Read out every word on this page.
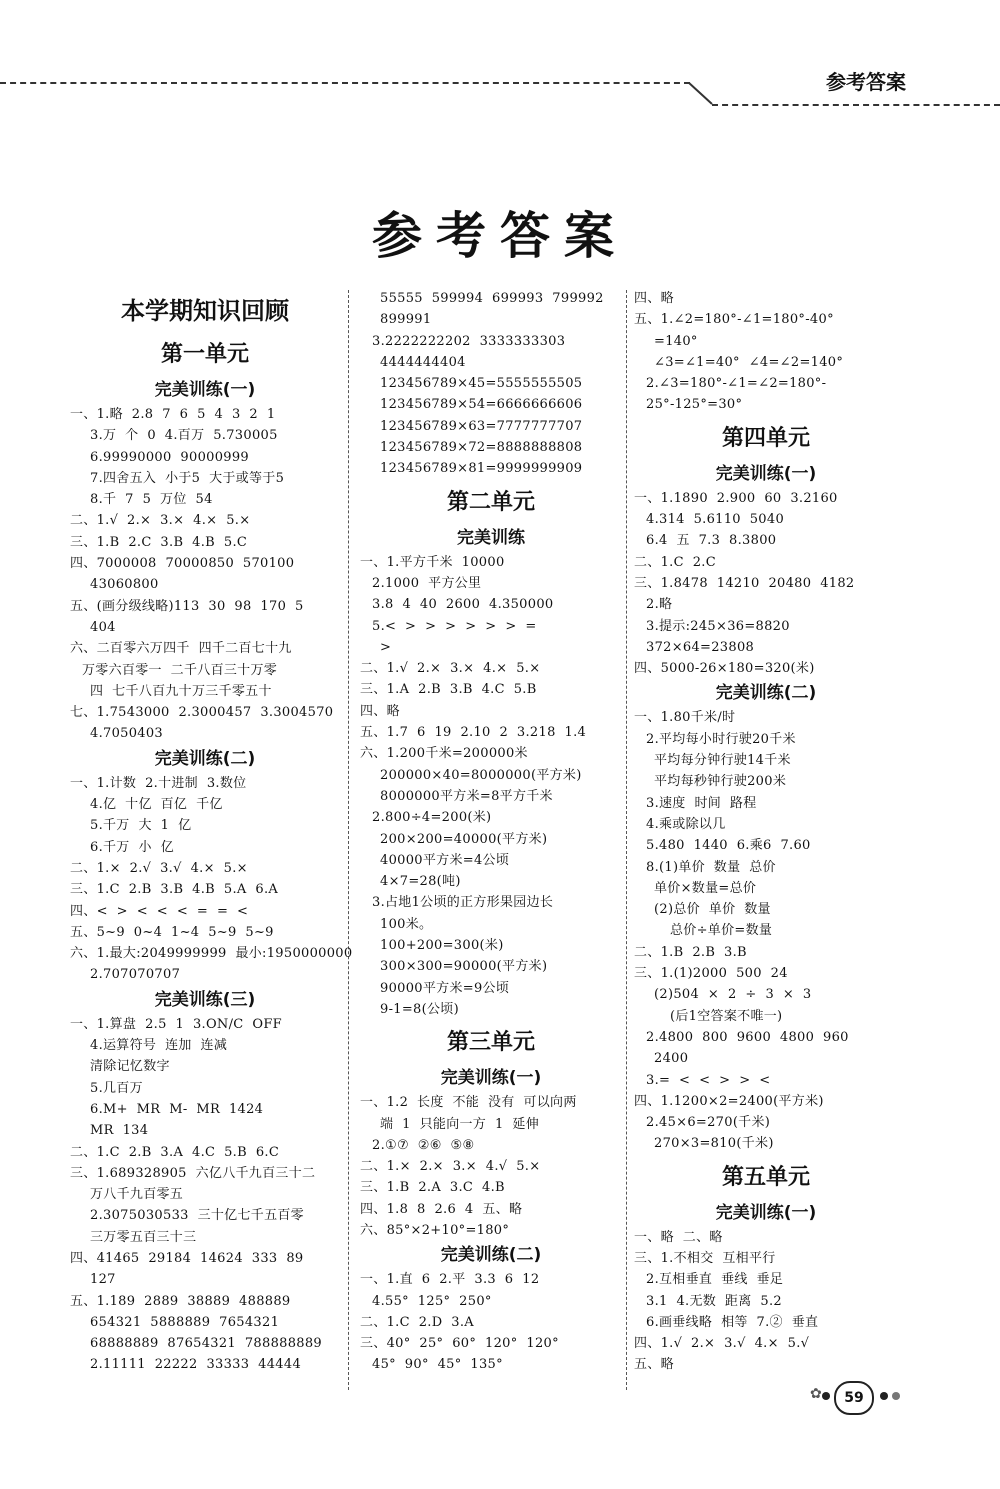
参考答案
参考答案
本学期知识回顾
第一单元
完美训练(一)
一、1.略  2.8  7  6  5  4  3  2  1
3.万  个  0  4.百万  5.730005
6.99990000  90000999
7.四舍五入  小于5  大于或等于5
8.千  7  5  万位  54
二、1.√  2.×  3.×  4.×  5.×
三、1.B  2.C  3.B  4.B  5.C
四、7000008  70000850  570100
43060800
五、(画分级线略)113  30  98  170  5
404
六、二百零六万四千  四千二百七十九
万零六百零一  二千八百三十万零
四  七千八百九十万三千零五十
七、1.7543000  2.3000457  3.3004570
4.7050403
完美训练(二)
一、1.计数  2.十进制  3.数位
4.亿  十亿  百亿  千亿
5.千万  大  1  亿
6.千万  小  亿
二、1.×  2.√  3.√  4.×  5.×
三、1.C  2.B  3.B  4.B  5.A  6.A
四、<  >  <  <  <  =  =  <
五、5~9  0~4  1~4  5~9  5~9
六、1.最大:2049999999  最小:1950000000
2.707070707
完美训练(三)
一、1.算盘  2.5  1  3.ON/C  OFF
4.运算符号  连加  连减
清除记忆数字
5.几百万
6.M+  MR  M-  MR  1424
MR  134
二、1.C  2.B  3.A  4.C  5.B  6.C
三、1.689328905  六亿八千九百三十二
万八千九百零五
2.3075030533  三十亿七千五百零
三万零五百三十三
四、41465  29184  14624  333  89
127
五、1.189  2889  38889  488889
654321  5888889  7654321
68888889  87654321  788888889
2.11111  22222  33333  44444
55555  599994  699993  799992
899991
3.2222222202  3333333303
4444444404
123456789×45=5555555505
123456789×54=6666666606
123456789×63=7777777707
123456789×72=8888888808
123456789×81=9999999909
第二单元
完美训练
一、1.平方千米  10000
2.1000  平方公里
3.8  4  40  2600  4.350000
5.<  >  >  >  >  >  >  =
>
二、1.√  2.×  3.×  4.×  5.×
三、1.A  2.B  3.B  4.C  5.B
四、略
五、1.7  6  19  2.10  2  3.218  1.4
六、1.200千米=200000米
200000×40=8000000(平方米)
8000000平方米=8平方千米
2.800÷4=200(米)
200×200=40000(平方米)
40000平方米=4公顷
4×7=28(吨)
3.占地1公顷的正方形果园边长
100米。
100+200=300(米)
300×300=90000(平方米)
90000平方米=9公顷
9-1=8(公顷)
第三单元
完美训练(一)
一、1.2  长度  不能  没有  可以向两
端  1  只能向一方  1  延伸
2.①⑦  ②⑥  ⑤⑧
二、1.×  2.×  3.×  4.√  5.×
三、1.B  2.A  3.C  4.B
四、1.8  8  2.6  4  五、略
六、85°×2+10°=180°
完美训练(二)
一、1.直  6  2.平  3.3  6  12
4.55°  125°  250°
二、1.C  2.D  3.A
三、40°  25°  60°  120°  120°
45°  90°  45°  135°
四、略
五、1.∠2=180°-∠1=180°-40°
=140°
∠3=∠1=40°  ∠4=∠2=140°
2.∠3=180°-∠1=∠2=180°-
25°-125°=30°
第四单元
完美训练(一)
一、1.1890  2.900  60  3.2160
4.314  5.6110  5040
6.4  五  7.3  8.3800
二、1.C  2.C
三、1.8478  14210  20480  4182
2.略
3.提示:245×36=8820
372×64=23808
四、5000-26×180=320(米)
完美训练(二)
一、1.80千米/时
2.平均每小时行驶20千米
平均每分钟行驶14千米
平均每秒钟行驶200米
3.速度  时间  路程
4.乘或除以几
5.480  1440  6.乘6  7.60
8.(1)单价  数量  总价
单价×数量=总价
(2)总价  单价  数量
总价÷单价=数量
二、1.B  2.B  3.B
三、1.(1)2000  500  24
(2)504  ×  2  ÷  3  ×  3
(后1空答案不唯一)
2.4800  800  9600  4800  960
2400
3.=  <  <  >  >  <
四、1.1200×2=2400(平方米)
2.45×6=270(千米)
270×3=810(千米)
第五单元
完美训练(一)
一、略  二、略
三、1.不相交  互相平行
2.互相垂直  垂线  垂足
3.1  4.无数  距离  5.2
6.画垂线略  相等  7.②  垂直
四、1.√  2.×  3.√  4.×  5.√
五、略
✿	59
